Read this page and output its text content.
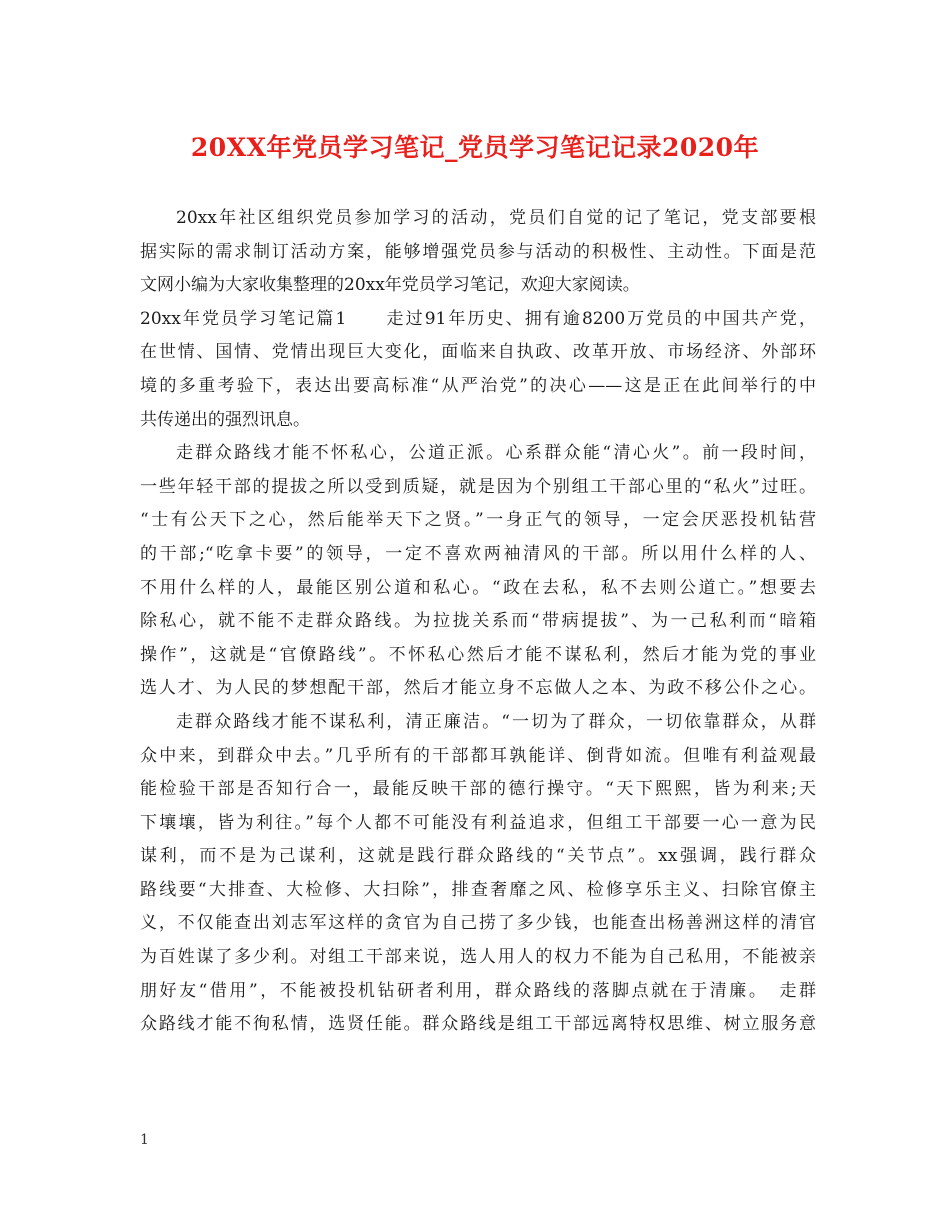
20XX年党员学习笔记_党员学习笔记记录2020年
20xx年社区组织党员参加学习的活动，党员们自觉的记了笔记，党支部要根
据实际的需求制订活动方案，能够增强党员参与活动的积极性、主动性。下面是范
文网小编为大家收集整理的20xx年党员学习笔记，欢迎大家阅读。
20xx年党员学习笔记篇1　　走过91年历史、拥有逾8200万党员的中国共产党，
在世情、国情、党情出现巨大变化，面临来自执政、改革开放、市场经济、外部环
境的多重考验下，表达出要高标准“从严治党”的决心——这是正在此间举行的中
共传递出的强烈讯息。
走群众路线才能不怀私心，公道正派。心系群众能“清心火”。前一段时间，
一些年轻干部的提拔之所以受到质疑，就是因为个别组工干部心里的“私火”过旺。
“士有公天下之心，然后能举天下之贤。”一身正气的领导，一定会厌恶投机钻营
的干部;“吃拿卡要”的领导，一定不喜欢两袖清风的干部。所以用什么样的人、
不用什么样的人，最能区别公道和私心。“政在去私，私不去则公道亡。”想要去
除私心，就不能不走群众路线。为拉拢关系而“带病提拔”、为一己私利而“暗箱
操作”，这就是“官僚路线”。不怀私心然后才能不谋私利，然后才能为党的事业
选人才、为人民的梦想配干部，然后才能立身不忘做人之本、为政不移公仆之心。
走群众路线才能不谋私利，清正廉洁。“一切为了群众，一切依靠群众，从群
众中来，到群众中去。”几乎所有的干部都耳孰能详、倒背如流。但唯有利益观最
能检验干部是否知行合一，最能反映干部的德行操守。“天下熙熙，皆为利来;天
下壤壤，皆为利往。”每个人都不可能没有利益追求，但组工干部要一心一意为民
谋利，而不是为己谋利，这就是践行群众路线的“关节点”。xx强调，践行群众
路线要“大排查、大检修、大扫除”，排查奢靡之风、检修享乐主义、扫除官僚主
义，不仅能查出刘志军这样的贪官为自己捞了多少钱，也能查出杨善洲这样的清官
为百姓谋了多少利。对组工干部来说，选人用人的权力不能为自己私用，不能被亲
朋好友“借用”，不能被投机钻研者利用，群众路线的落脚点就在于清廉。　走群
众路线才能不徇私情，选贤任能。群众路线是组工干部远离特权思维、树立服务意
1
